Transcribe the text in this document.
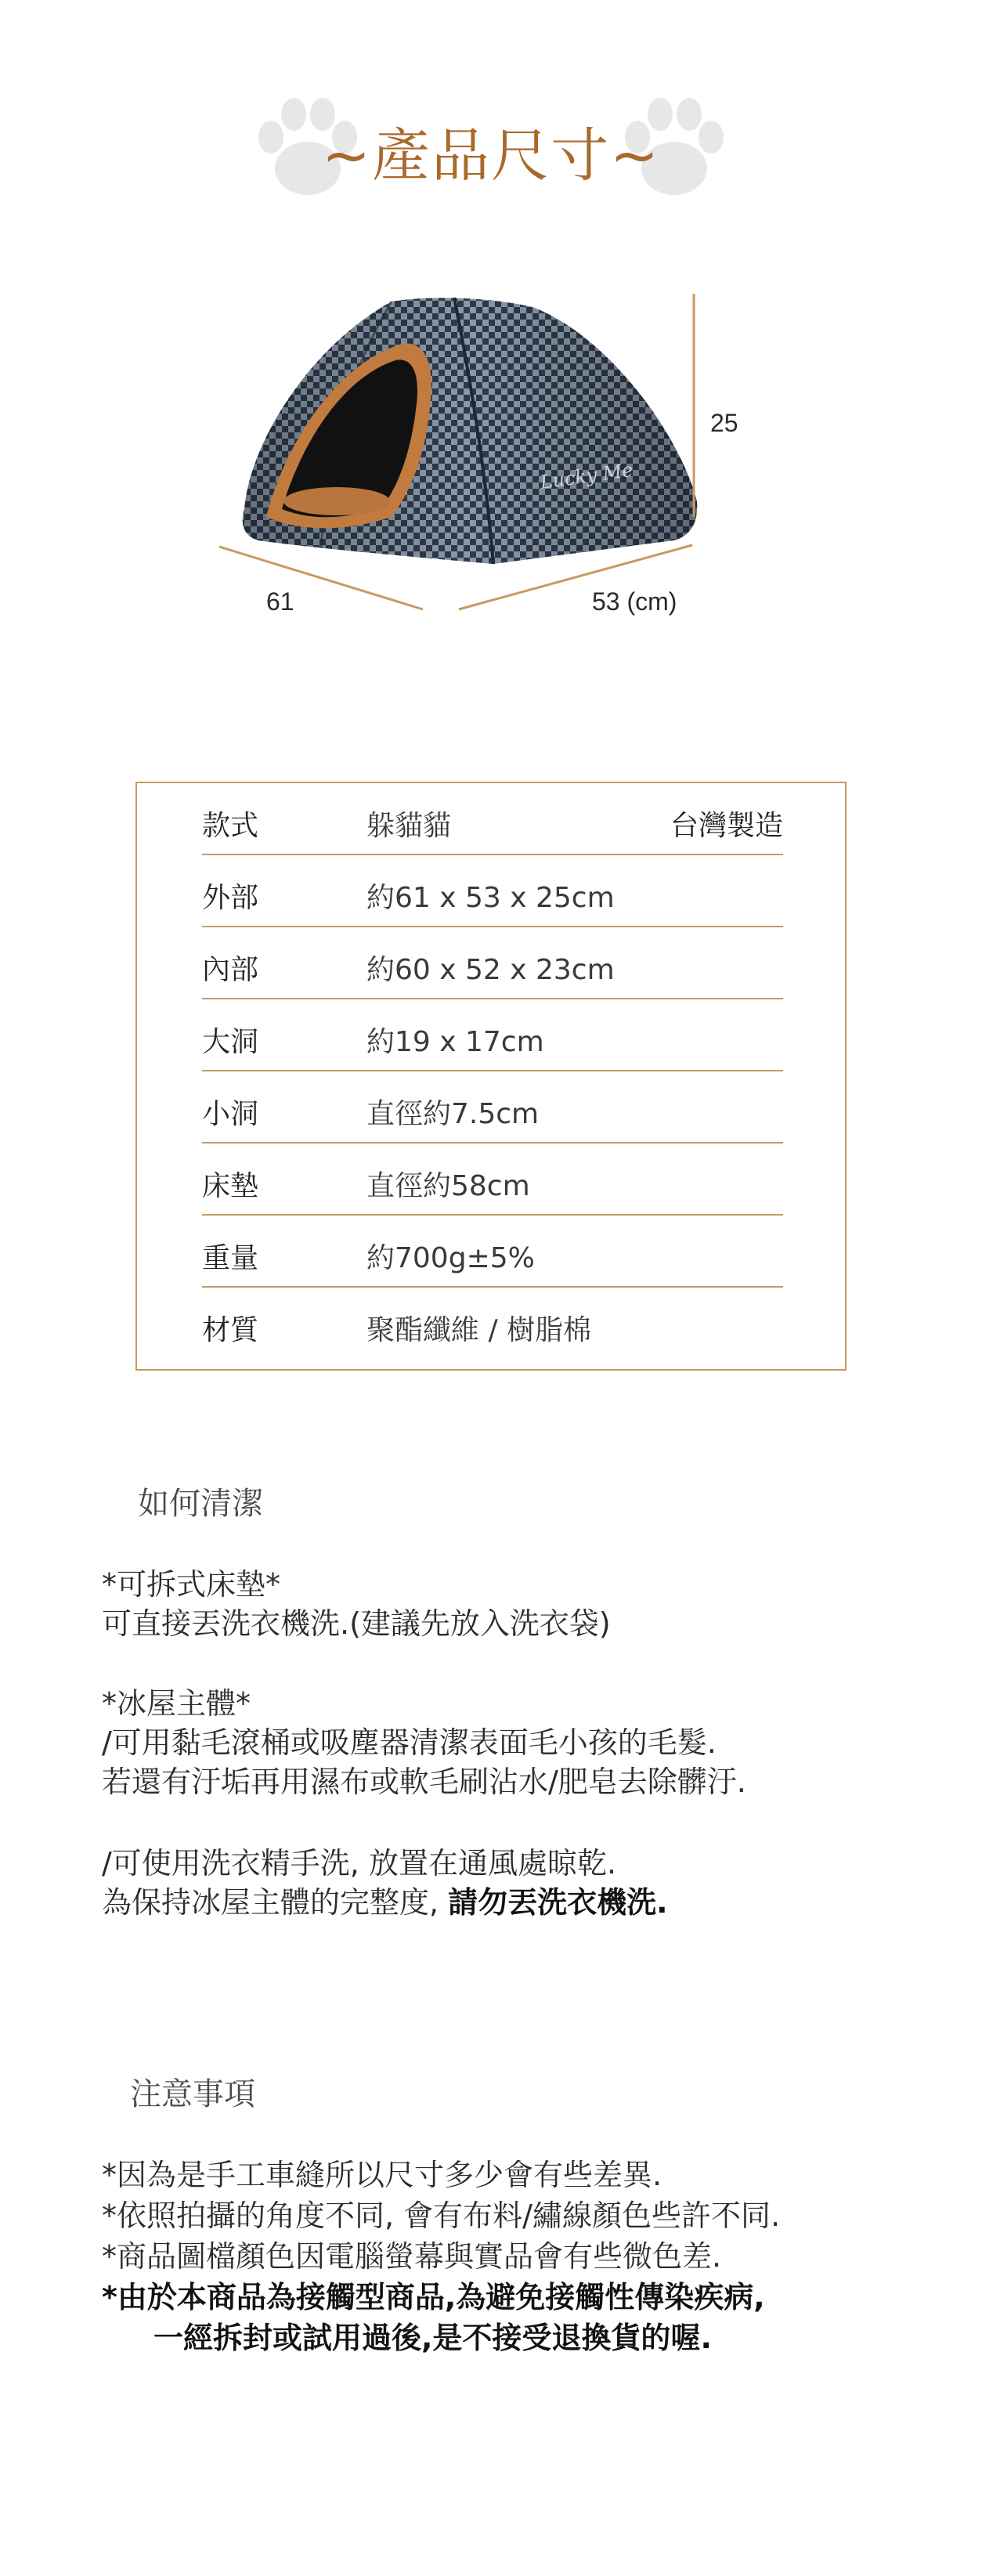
~產品尺寸~
Lucky Me
25
61	53 (cm)
款式	躲貓貓	台灣製造
外部	約61 x 53 x 25cm
內部	約60 x 52 x 23cm
大洞	約19 x 17cm
小洞	直徑約7.5cm
床墊	直徑約58cm
重量	約700g±5%
材質	聚酯纖維 / 樹脂棉
如何清潔
*可拆式床墊*
可直接丟洗衣機洗.(建議先放入洗衣袋)
*冰屋主體*
/可用黏毛滾桶或吸塵器清潔表面毛小孩的毛髮.
若還有汙垢再用濕布或軟毛刷沾水/肥皂去除髒汙.
/可使用洗衣精手洗, 放置在通風處晾乾.
為保持冰屋主體的完整度, 請勿丟洗衣機洗.
注意事項
*因為是手工車縫所以尺寸多少會有些差異.
*依照拍攝的角度不同, 會有布料/繡線顏色些許不同.
*商品圖檔顏色因電腦螢幕與實品會有些微色差.
*由於本商品為接觸型商品,為避免接觸性傳染疾病,
一經拆封或試用過後,是不接受退換貨的喔.
